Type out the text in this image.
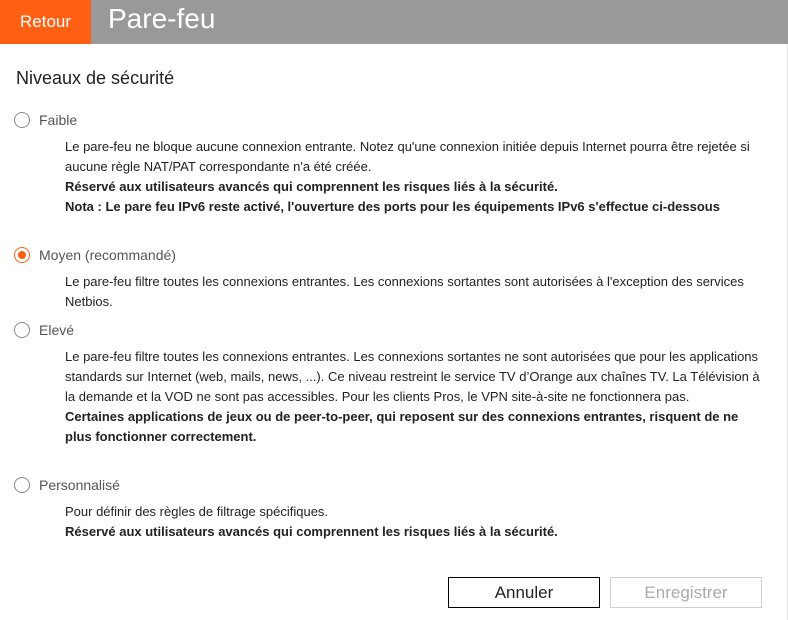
Retour	Pare-feu
Niveaux de sécurité
Faible

Le pare-feu ne bloque aucune connexion entrante. Notez qu'une connexion initiée depuis Internet pourra être rejetée si aucune règle NAT/PAT correspondante n'a été créée.

Réservé aux utilisateurs avancés qui comprennent les risques liés à la sécurité.

Nota : Le pare feu IPv6 reste activé, l'ouverture des ports pour les équipements IPv6 s'effectue ci-dessous

Moyen (recommandé)

Le pare-feu filtre toutes les connexions entrantes. Les connexions sortantes sont autorisées à l'exception des services Netbios.

Elevé

Le pare-feu filtre toutes les connexions entrantes. Les connexions sortantes ne sont autorisées que pour les applications standards sur Internet (web, mails, news, ...). Ce niveau restreint le service TV d’Orange aux chaînes TV. La Télévision à la demande et la VOD ne sont pas accessibles. Pour les clients Pros, le VPN site-à-site ne fonctionnera pas.

Certaines applications de jeux ou de peer-to-peer, qui reposent sur des connexions entrantes, risquent de ne plus fonctionner correctement.

Personnalisé

Pour définir des règles de filtrage spécifiques.

Réservé aux utilisateurs avancés qui comprennent les risques liés à la sécurité.

Annuler	Enregistrer
